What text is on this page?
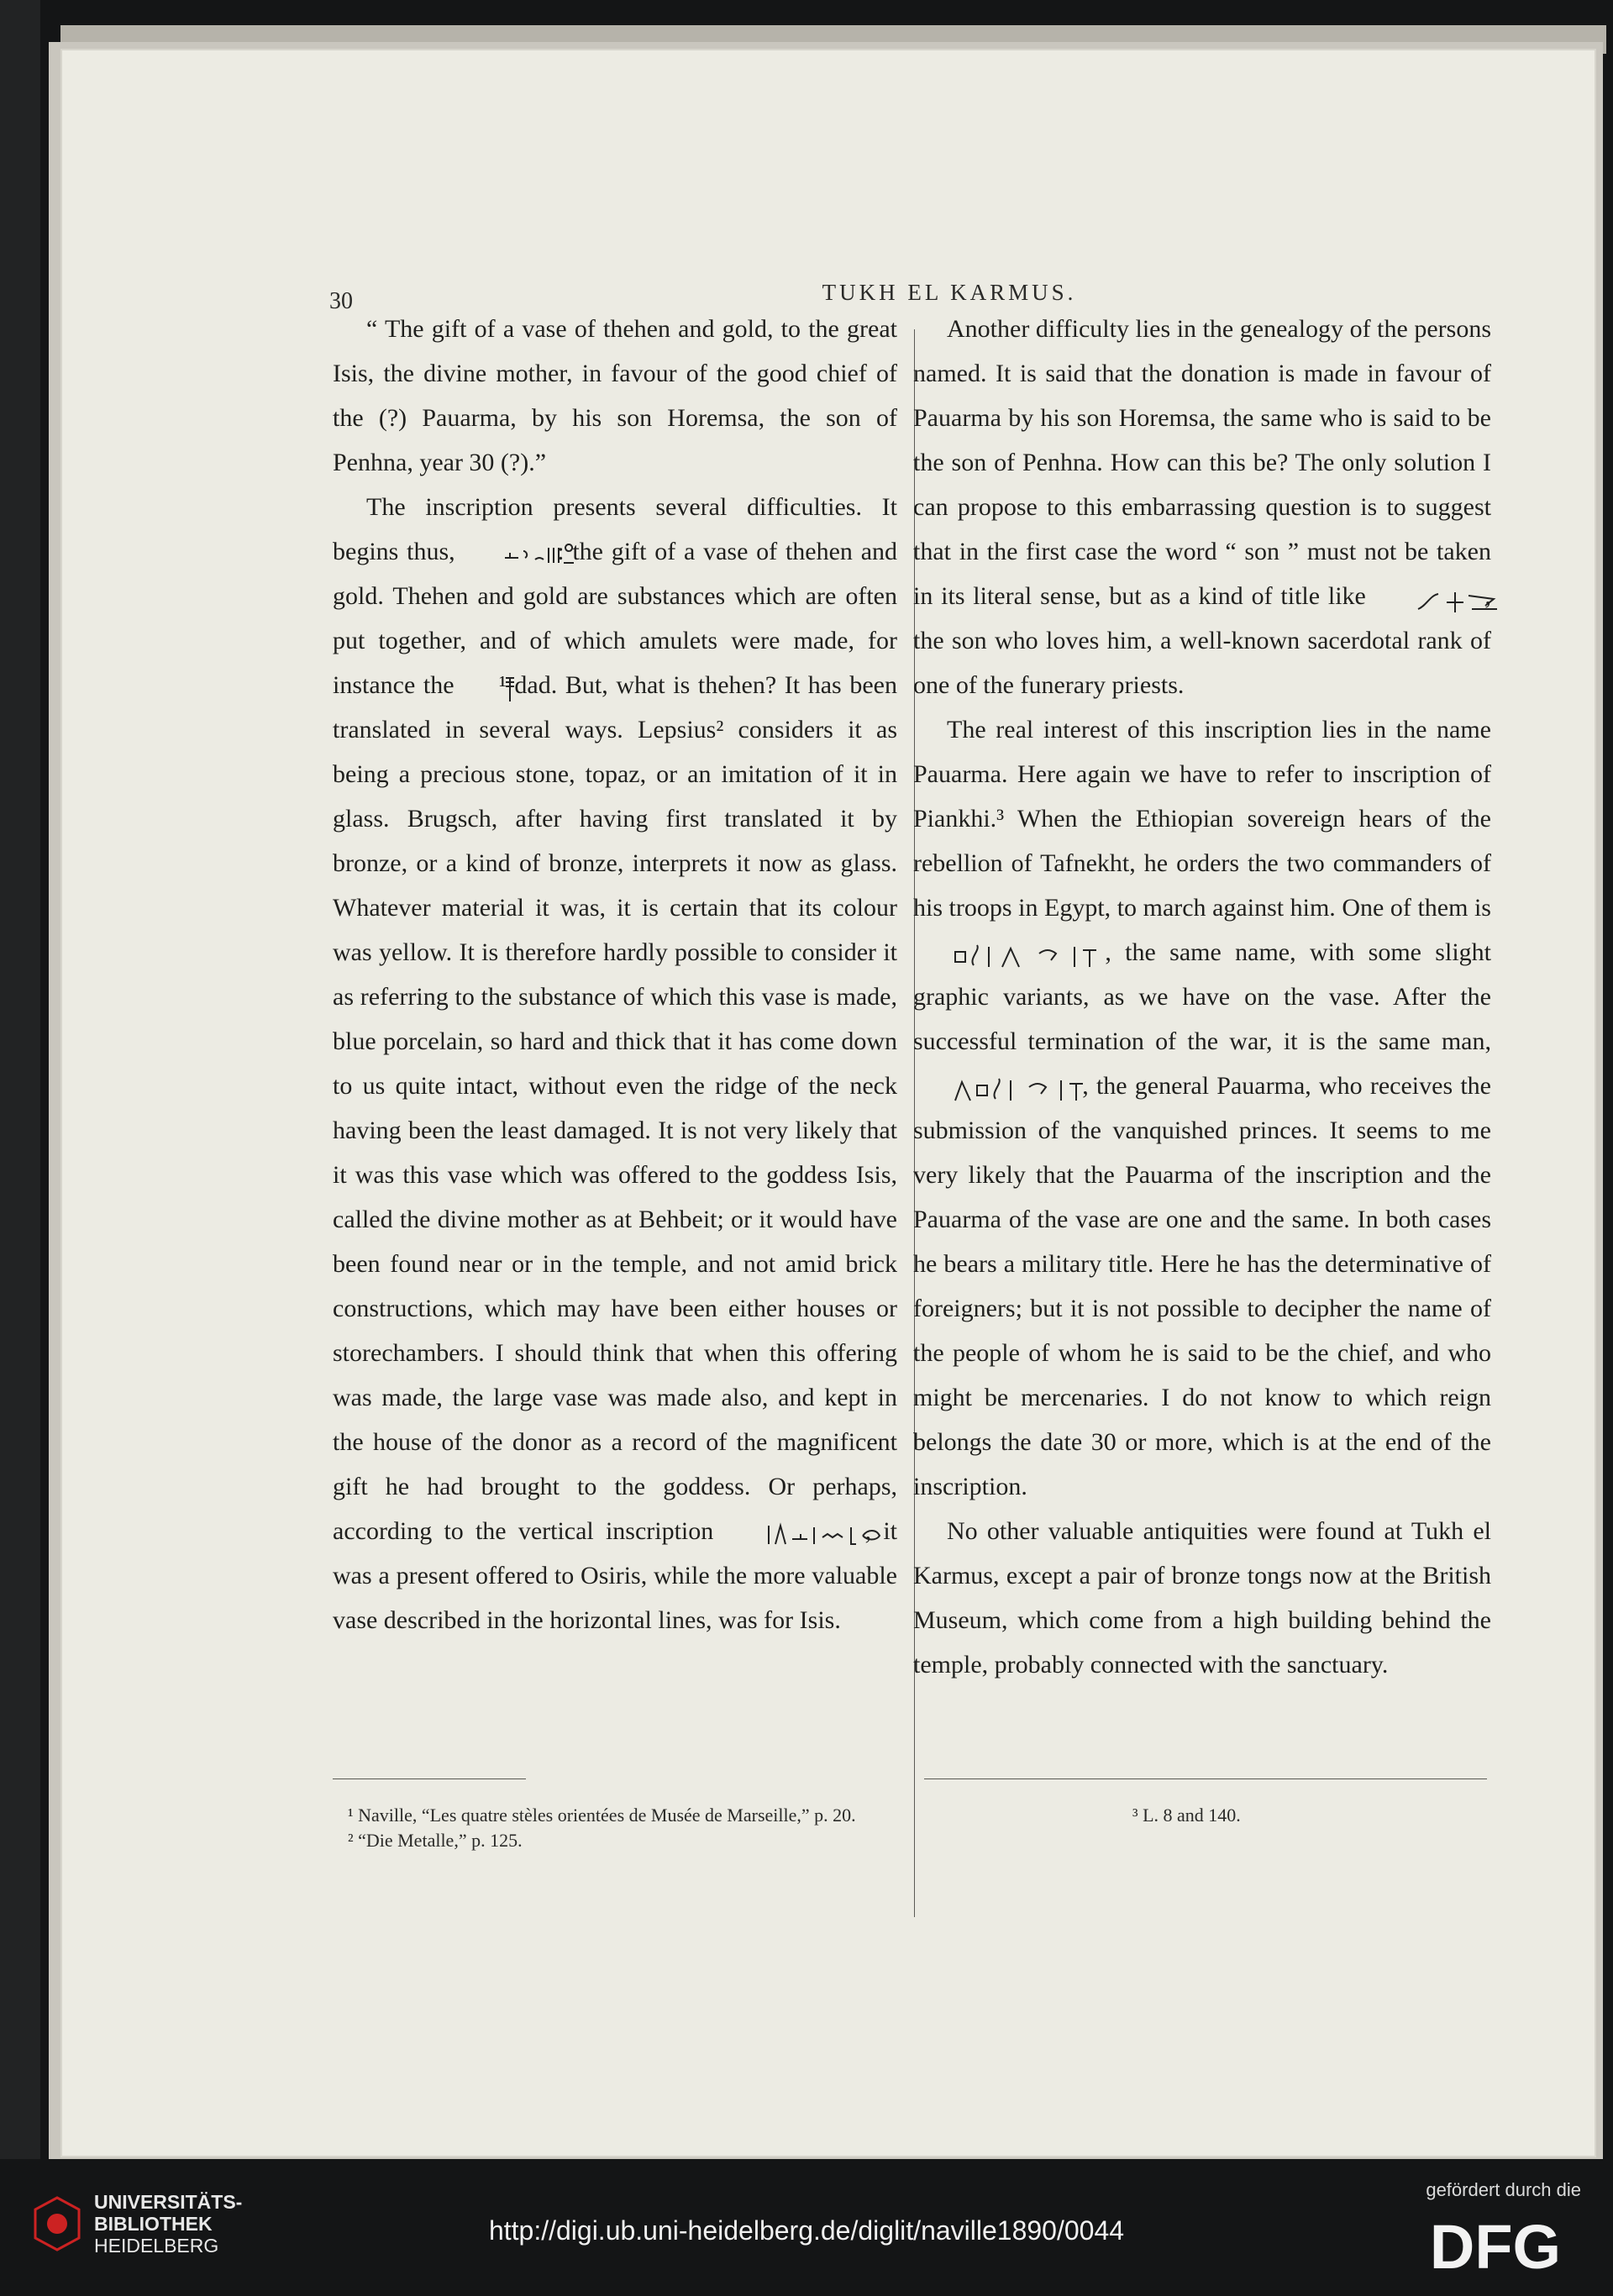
30	TUKH EL KARMUS.

“ The gift of a vase of thehen and gold, to the great Isis, the divine mother, in favour of the good chief of the (?) Pauarma, by his son Horemsa, the son of Penhna, year 30 (?).”

The inscription presents several difficulties. It begins thus,	: the gift of a vase of thehen and gold. Thehen and gold are substances which are often put together, and of which amulets were made, for instance the ¹ dad. But, what is thehen? It has been translated in several ways. Lepsius² considers it as being a precious stone, topaz, or an imitation of it in glass. Brugsch, after having first translated it by bronze, or a kind of bronze, interprets it now as glass. Whatever material it was, it is certain that its colour was yellow. It is therefore hardly possible to consider it as referring to the substance of which this vase is made, blue porcelain, so hard and thick that it has come down to us quite intact, without even the ridge of the neck having been the least damaged. It is not very likely that it was this vase which was offered to the goddess Isis, called the divine mother as at Behbeit; or it would have been found near or in the temple, and not amid brick constructions, which may have been either houses or storechambers. I should think that when this offering was made, the large vase was made also, and kept in the house of the donor as a record of the magnificent gift he had brought to the goddess. Or perhaps, according to the vertical inscription	, it was a present offered to Osiris, while the more valuable vase described in the horizontal lines, was for Isis.

Another difficulty lies in the genealogy of the persons named. It is said that the donation is made in favour of Pauarma by his son Horemsa, the same who is said to be the son of Penhna. How can this be? The only solution I can propose to this embarrassing question is to suggest that in the first case the word “ son ” must not be taken in its literal sense, but as a kind of title like	, the son who loves him, a well-known sacerdotal rank of one of the funerary priests.

The real interest of this inscription lies in the name Pauarma. Here again we have to refer to inscription of Piankhi.³ When the Ethiopian sovereign hears of the rebellion of Tafnekht, he orders the two commanders of his troops in Egypt, to march against him. One of them is  , the same name, with some slight graphic variants, as we have on the vase. After the successful termination of the war, it is the same man,  , the general Pauarma, who receives the submission of the vanquished princes. It seems to me very likely that the Pauarma of the inscription and the Pauarma of the vase are one and the same. In both cases he bears a military title. Here he has the determinative of foreigners; but it is not possible to decipher the name of the people of whom he is said to be the chief, and who might be mercenaries. I do not know to which reign belongs the date 30 or more, which is at the end of the inscription.

No other valuable antiquities were found at Tukh el Karmus, except a pair of bronze tongs now at the British Museum, which come from a high building behind the temple, probably connected with the sanctuary.

¹ Naville, “Les quatre stèles orientées de Musée de Marseille,” p. 20.

² “Die Metalle,” p. 125.

³ L. 8 and 140.

UNIVERSITÄTS-
BIBLIOTHEK
HEIDELBERG	http://digi.ub.uni-heidelberg.de/diglit/naville1890/0044
gefördert durch die
DFG
